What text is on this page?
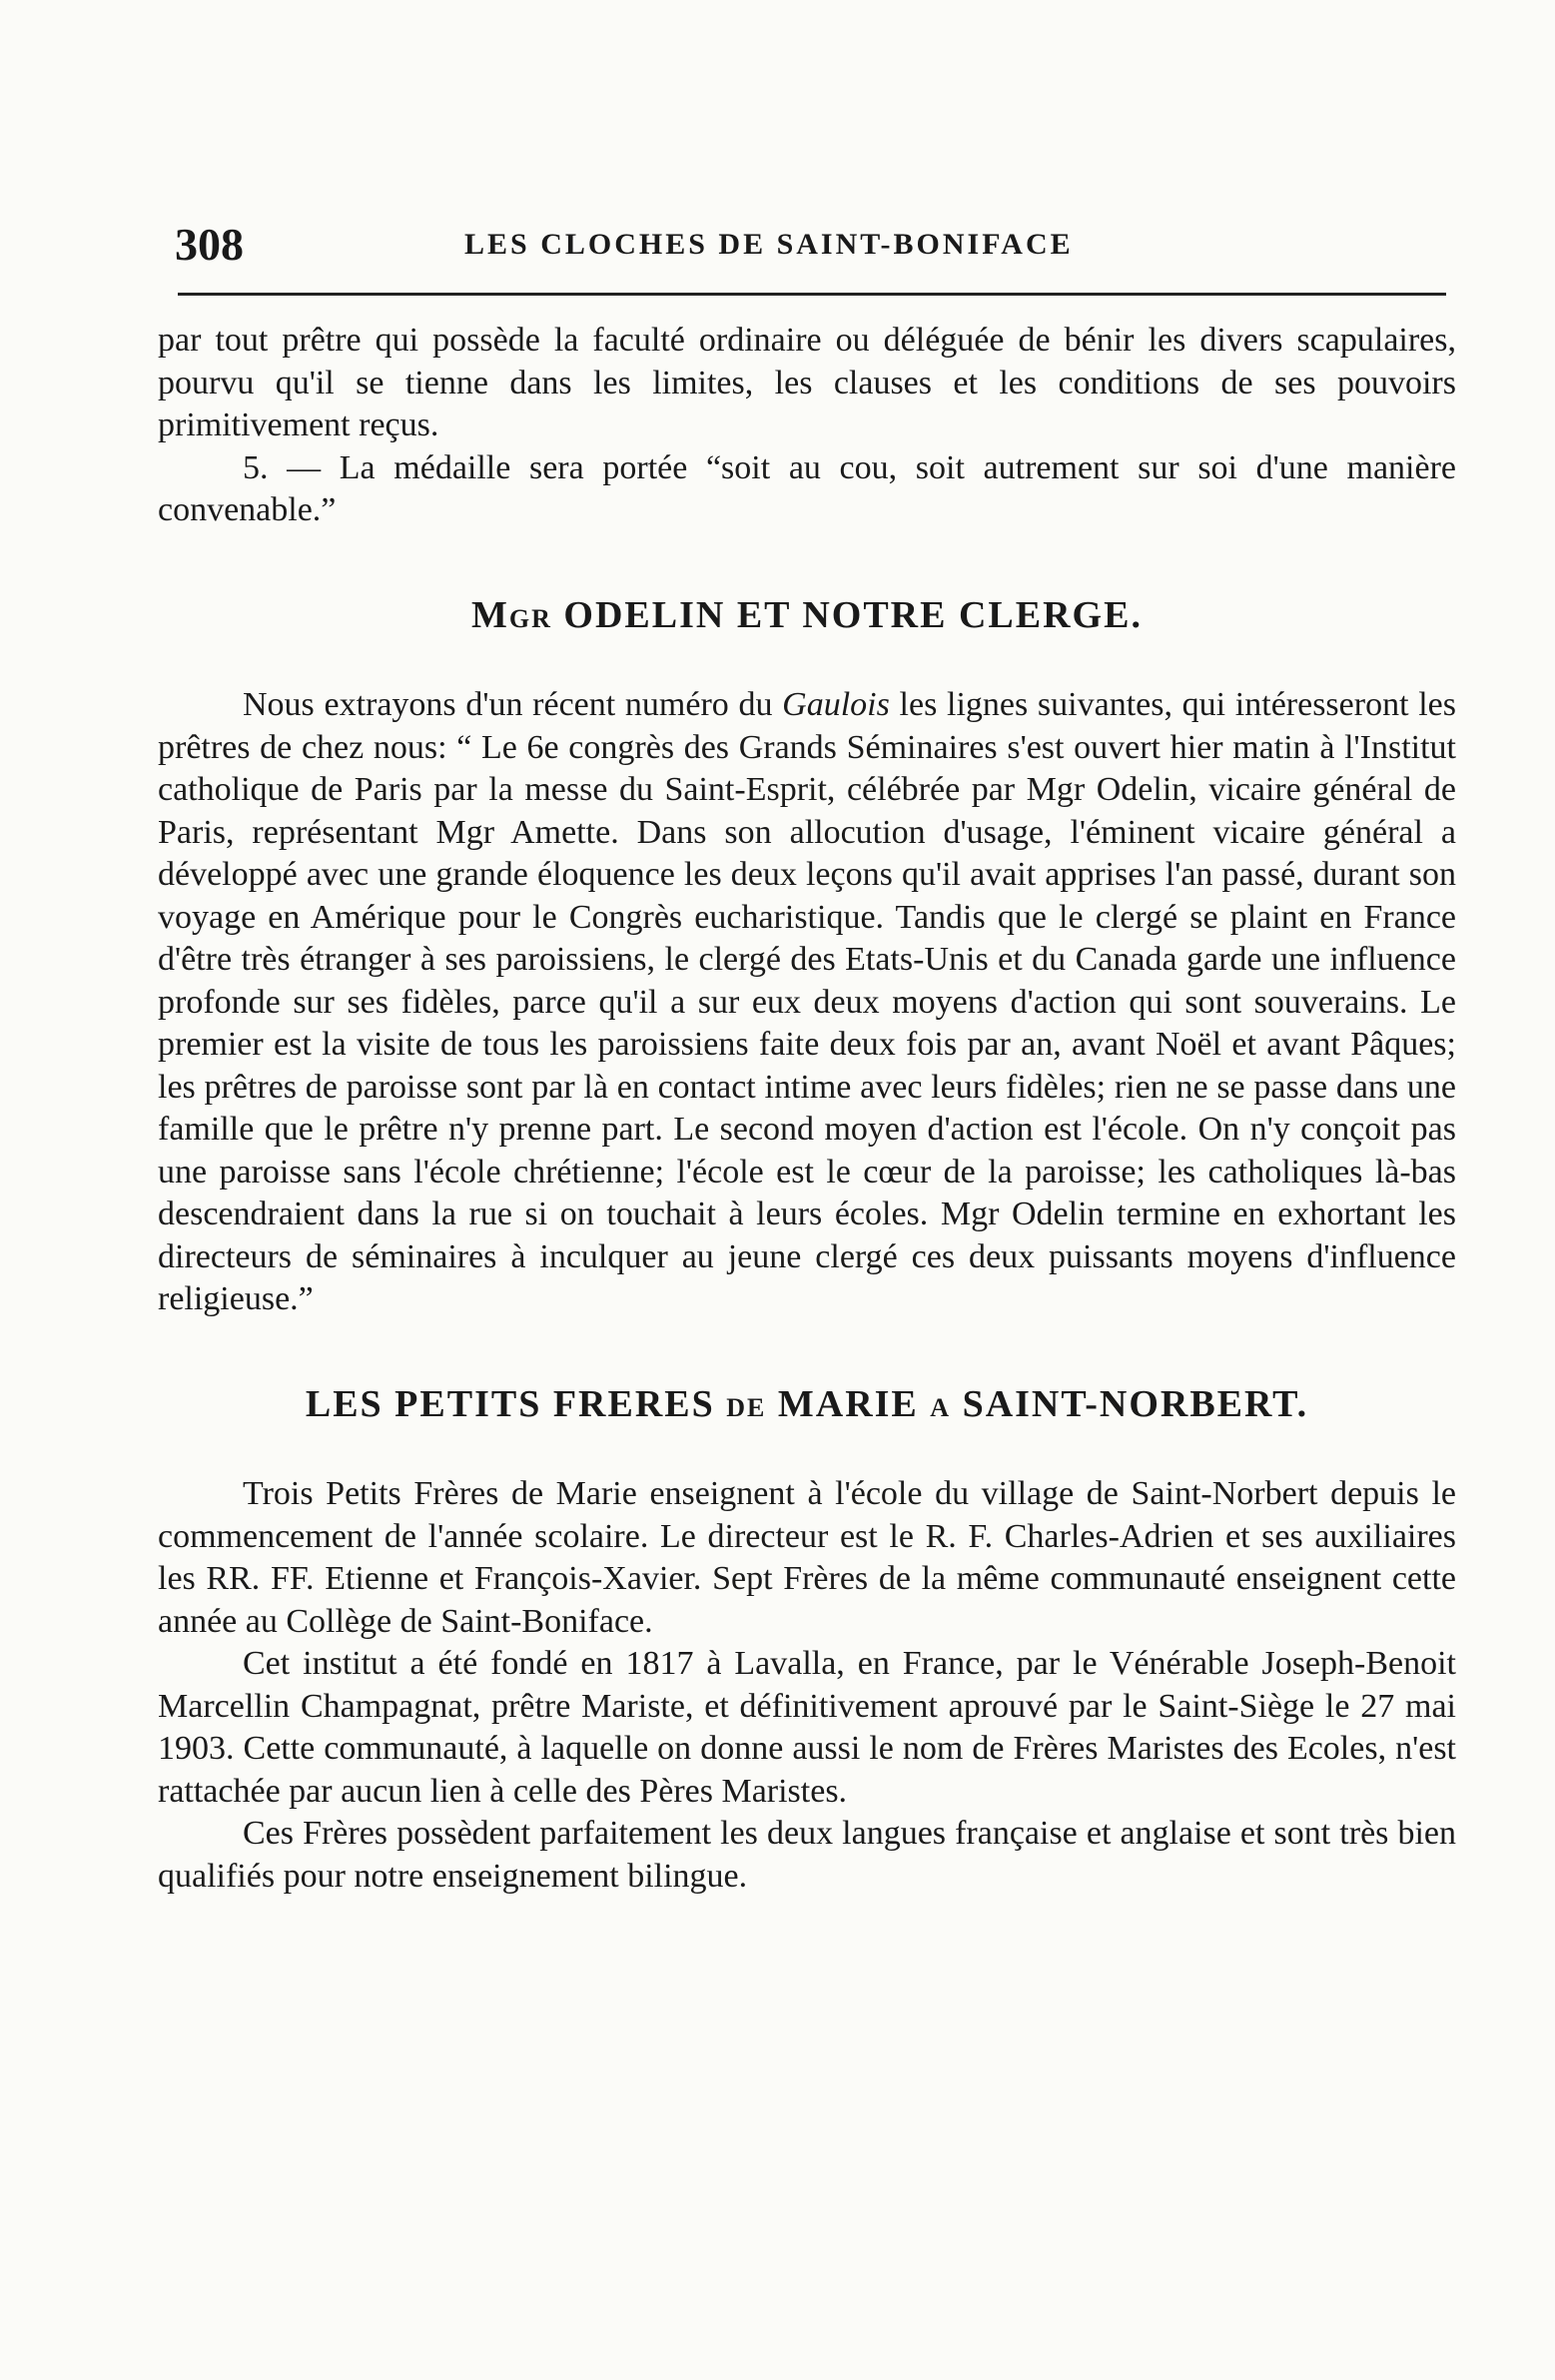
308	LES CLOCHES DE SAINT-BONIFACE

par tout prêtre qui possède la faculté ordinaire ou déléguée de bénir les divers scapulaires, pourvu qu'il se tienne dans les limites, les clauses et les conditions de ses pouvoirs primitivement reçus.

5. — La médaille sera portée “soit au cou, soit autrement sur soi d'une manière convenable.”

MGR ODELIN ET NOTRE CLERGE.

Nous extrayons d'un récent numéro du Gaulois les lignes suivantes, qui intéresseront les prêtres de chez nous: “ Le 6e congrès des Grands Séminaires s'est ouvert hier matin à l'Institut catholique de Paris par la messe du Saint-Esprit, célébrée par Mgr Odelin, vicaire général de Paris, représentant Mgr Amette. Dans son allocution d'usage, l'éminent vicaire général a développé avec une grande éloquence les deux leçons qu'il avait apprises l'an passé, durant son voyage en Amérique pour le Congrès eucharistique. Tandis que le clergé se plaint en France d'être très étranger à ses paroissiens, le clergé des Etats-Unis et du Canada garde une influence profonde sur ses fidèles, parce qu'il a sur eux deux moyens d'action qui sont souverains. Le premier est la visite de tous les paroissiens faite deux fois par an, avant Noël et avant Pâques; les prêtres de paroisse sont par là en contact intime avec leurs fidèles; rien ne se passe dans une famille que le prêtre n'y prenne part. Le second moyen d'action est l'école. On n'y conçoit pas une paroisse sans l'école chrétienne; l'école est le cœur de la paroisse; les catholiques là-bas descendraient dans la rue si on touchait à leurs écoles. Mgr Odelin termine en exhortant les directeurs de séminaires à inculquer au jeune clergé ces deux puissants moyens d'influence religieuse.”

LES PETITS FRERES DE MARIE A SAINT-NORBERT.

Trois Petits Frères de Marie enseignent à l'école du village de Saint-Norbert depuis le commencement de l'année scolaire. Le directeur est le R. F. Charles-Adrien et ses auxiliaires les RR. FF. Etienne et François-Xavier. Sept Frères de la même communauté enseignent cette année au Collège de Saint-Boniface.

Cet institut a été fondé en 1817 à Lavalla, en France, par le Vénérable Joseph-Benoit Marcellin Champagnat, prêtre Mariste, et définitivement aprouvé par le Saint-Siège le 27 mai 1903. Cette communauté, à laquelle on donne aussi le nom de Frères Maristes des Ecoles, n'est rattachée par aucun lien à celle des Pères Maristes.

Ces Frères possèdent parfaitement les deux langues française et anglaise et sont très bien qualifiés pour notre enseignement bilingue.
